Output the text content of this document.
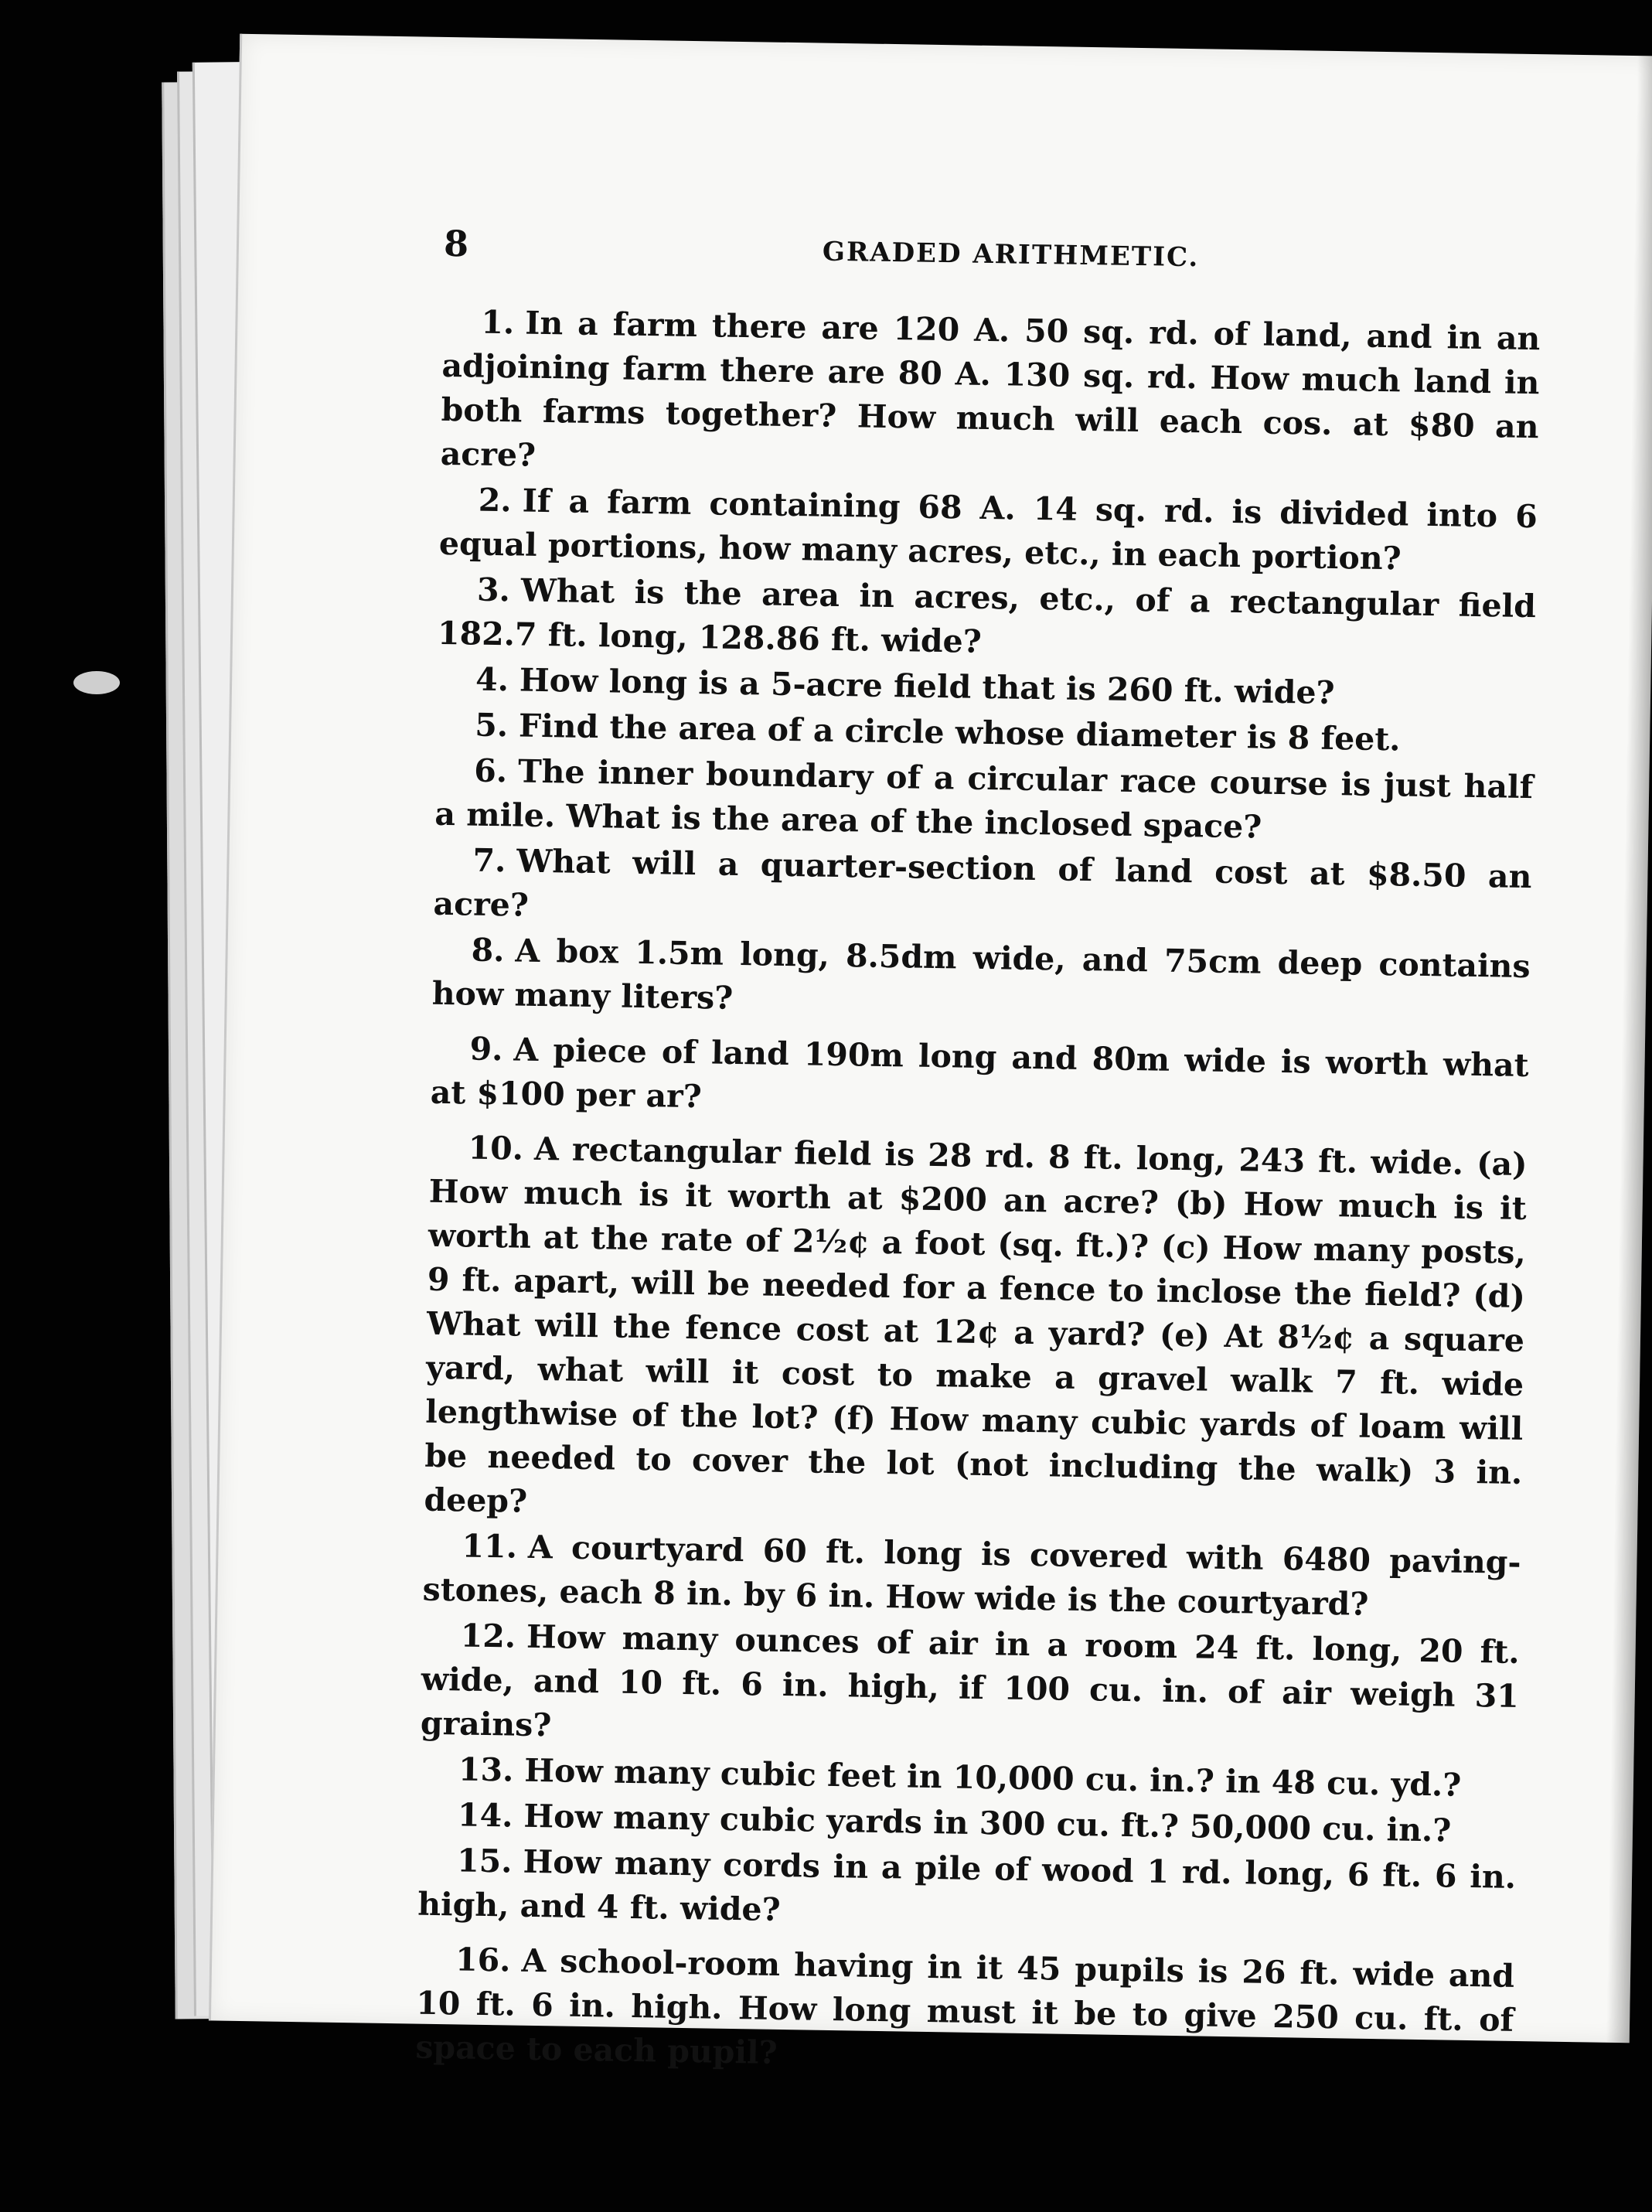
8	GRADED ARITHMETIC.

1. In a farm there are 120 A. 50 sq. rd. of land, and in an adjoining farm there are 80 A. 130 sq. rd. How much land in both farms together? How much will each cos. at $80 an acre?

2. If a farm containing 68 A. 14 sq. rd. is divided into 6 equal portions, how many acres, etc., in each portion?

3. What is the area in acres, etc., of a rectangular field 182.7 ft. long, 128.86 ft. wide?

4. How long is a 5-acre field that is 260 ft. wide?

5. Find the area of a circle whose diameter is 8 feet.

6. The inner boundary of a circular race course is just half a mile. What is the area of the inclosed space?

7. What will a quarter-section of land cost at $8.50 an acre?

8. A box 1.5m long, 8.5dm wide, and 75cm deep contains how many liters?

9. A piece of land 190m long and 80m wide is worth what at $100 per ar?

10. A rectangular field is 28 rd. 8 ft. long, 243 ft. wide. (a) How much is it worth at $200 an acre? (b) How much is it worth at the rate of 2½¢ a foot (sq. ft.)? (c) How many posts, 9 ft. apart, will be needed for a fence to inclose the field? (d) What will the fence cost at 12¢ a yard? (e) At 8½¢ a square yard, what will it cost to make a gravel walk 7 ft. wide lengthwise of the lot? (f) How many cubic yards of loam will be needed to cover the lot (not including the walk) 3 in. deep?

11. A courtyard 60 ft. long is covered with 6480 paving-stones, each 8 in. by 6 in. How wide is the courtyard?

12. How many ounces of air in a room 24 ft. long, 20 ft. wide, and 10 ft. 6 in. high, if 100 cu. in. of air weigh 31 grains?

13. How many cubic feet in 10,000 cu. in.? in 48 cu. yd.?

14. How many cubic yards in 300 cu. ft.? 50,000 cu. in.?

15. How many cords in a pile of wood 1 rd. long, 6 ft. 6 in. high, and 4 ft. wide?

16. A school-room having in it 45 pupils is 26 ft. wide and 10 ft. 6 in. high. How long must it be to give 250 cu. ft. of space to each pupil?
